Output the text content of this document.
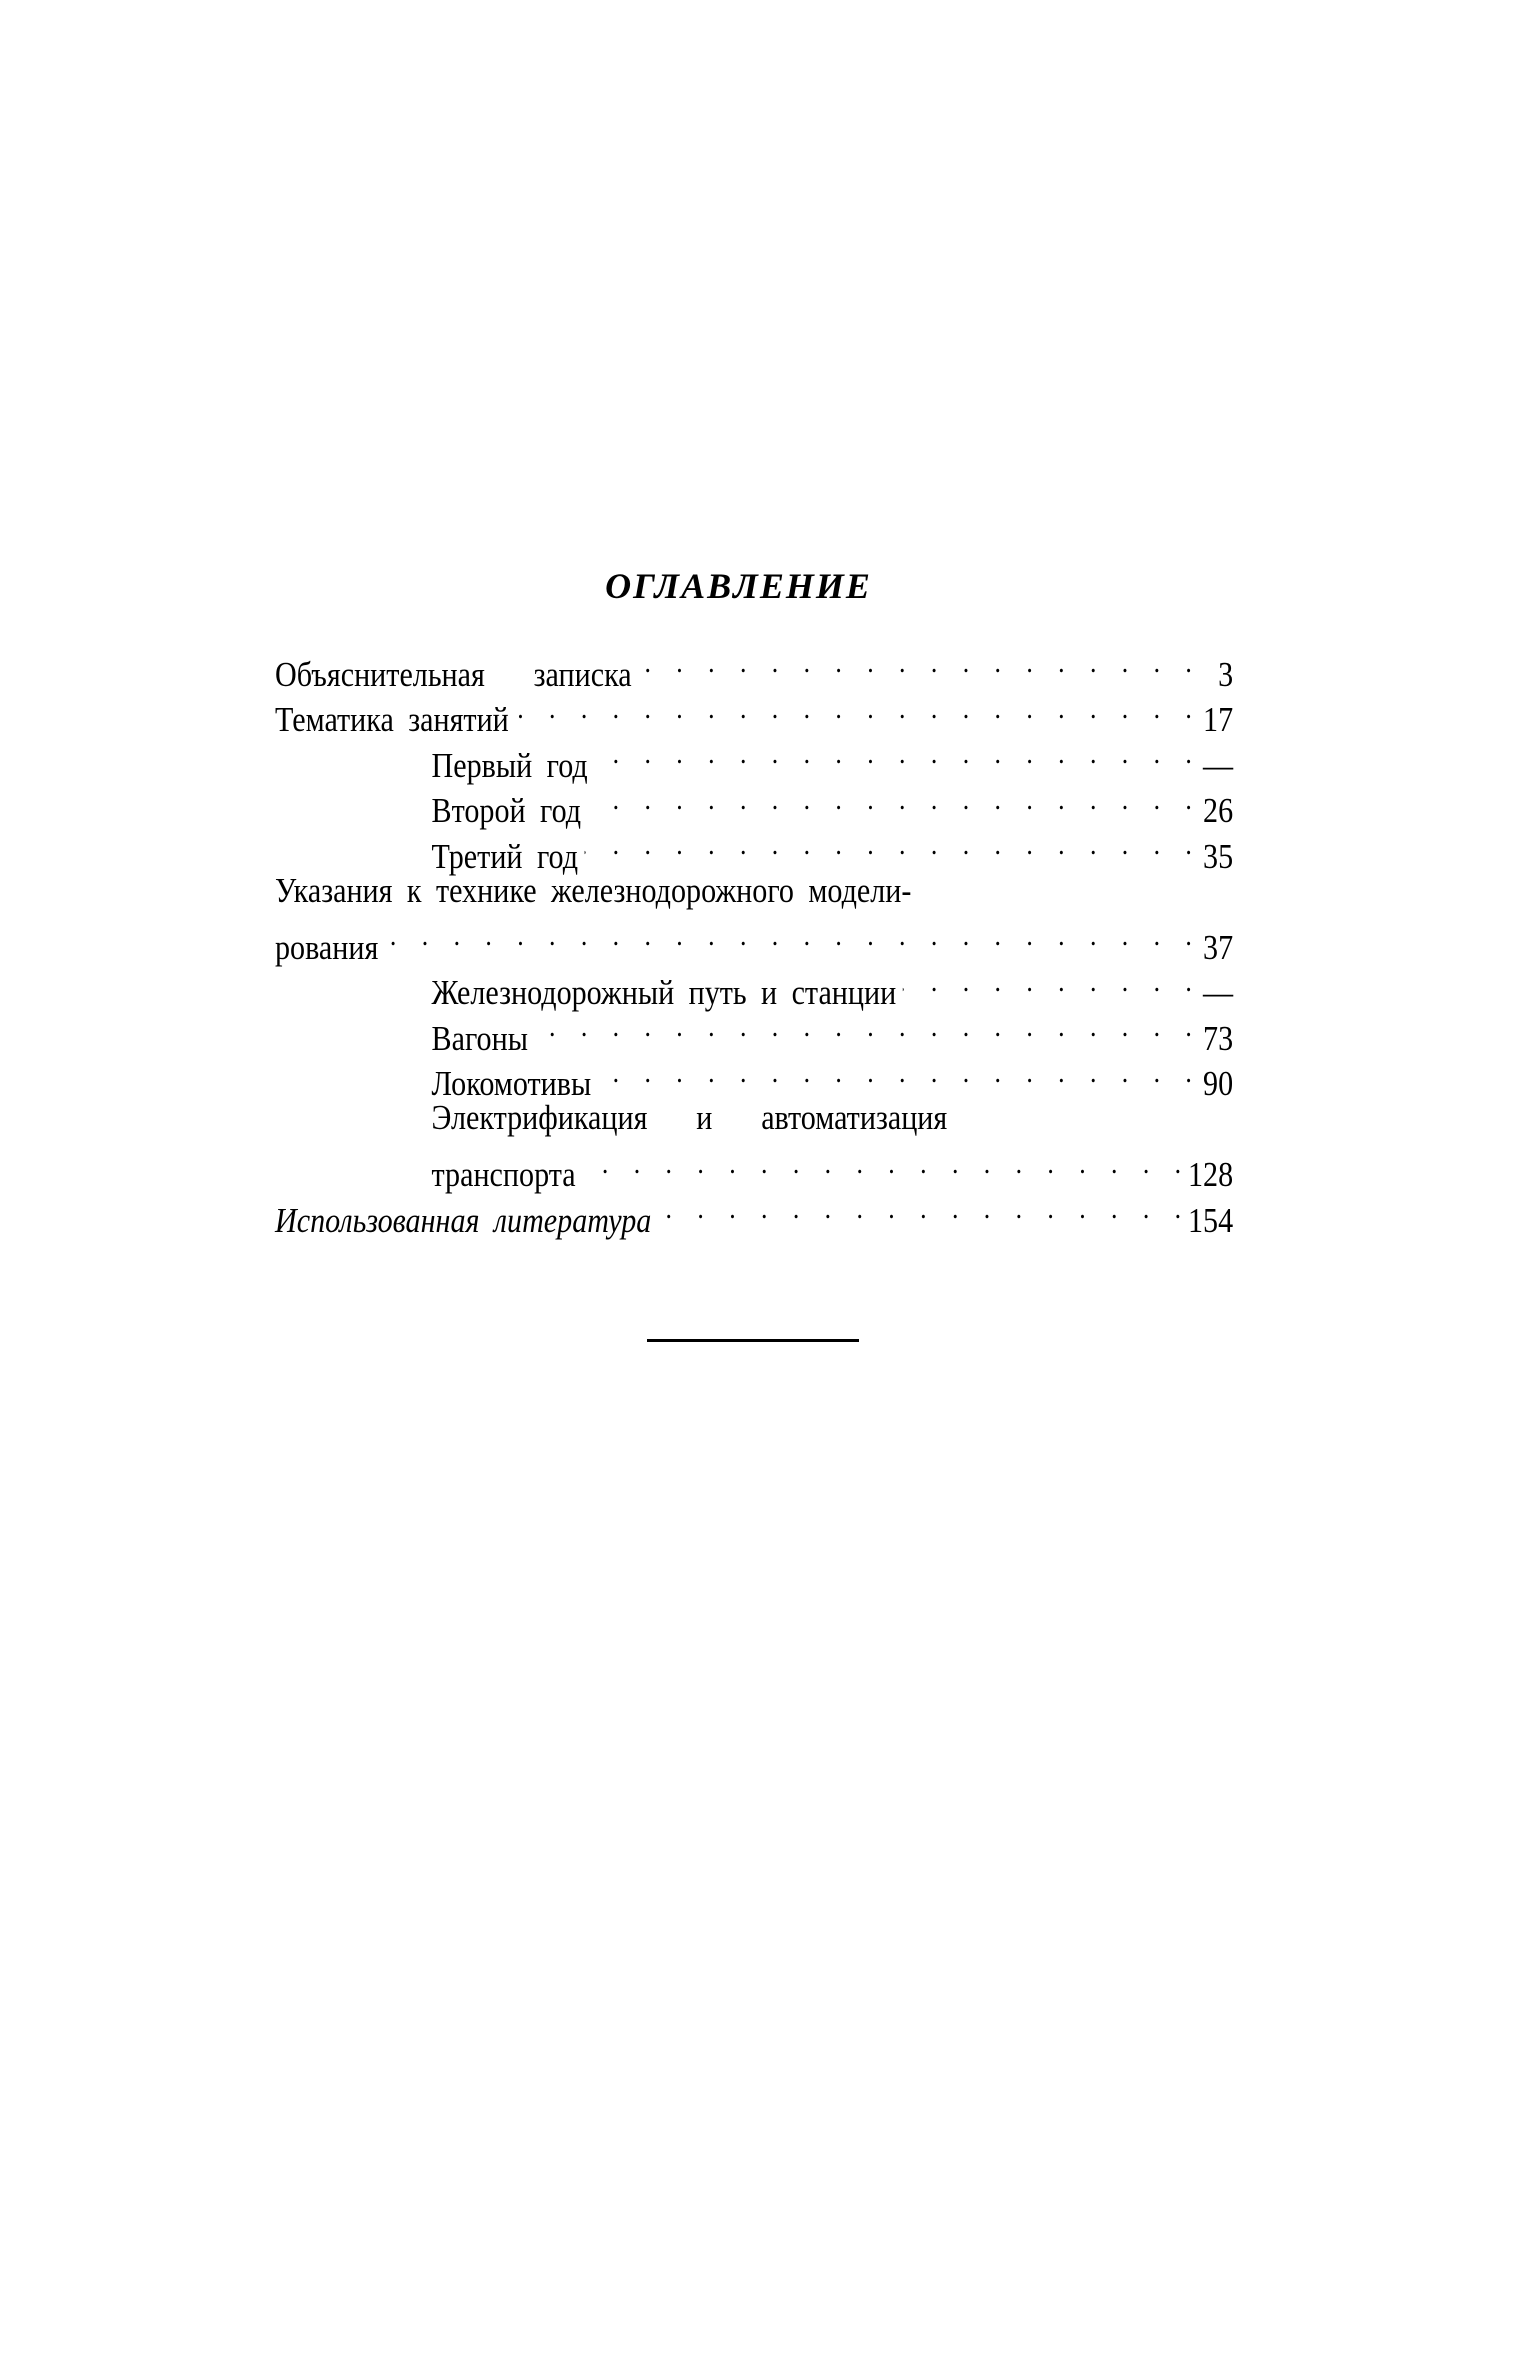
ОГЛАВЛЕНИЕ
Объяснительная записка . . .	3
Тематика занятий . . .	17
Первый год . . .	—
Второй год . . .	26
Третий год . . .	35
Указания к технике железнодорожного модели-
рования . . .	37
Железнодорожный путь и станции . . .	—
Вагоны . . .	73
Локомотивы . . .	90
Электрификация и автоматизация
транспорта . . .	128
Использованная литература . . .	154
